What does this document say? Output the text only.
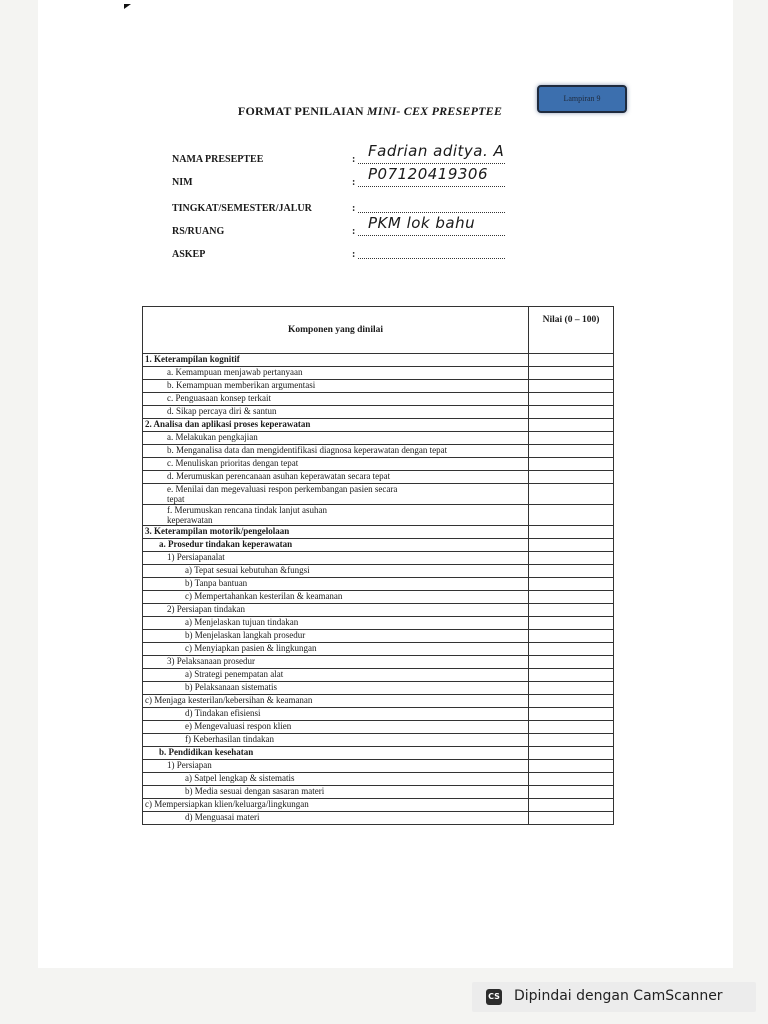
Lampiran 9
FORMAT PENILAIAN MINI- CEX PRESEPTEE
NAMA PRESEPTEE	: Fadrian aditya. A
NIM	: P07120419306
TINGKAT/SEMESTER/JALUR	:
RS/RUANG	: PKM lok bahu
ASKEP	:
Komponen yang dinilai	Nilai (0 – 100)
1. Keterampilan kognitif	
a. Kemampuan menjawab pertanyaan	
b. Kemampuan memberikan argumentasi	
c. Penguasaan konsep terkait	
d. Sikap percaya diri & santun	
2. Analisa dan aplikasi proses keperawatan	
a. Melakukan pengkajian	
b. Menganalisa data dan mengidentifikasi diagnosa keperawatan dengan tepat	
c. Menuliskan prioritas dengan tepat	
d. Merumuskan perencanaan asuhan keperawatan secara tepat	
e. Menilai dan megevaluasi respon perkembangan pasien secara tepat	
f. Merumuskan rencana tindak lanjut asuhan keperawatan	
3. Keterampilan motorik/pengelolaan	
a. Prosedur tindakan keperawatan	
1) Persiapanalat	
a) Tepat sesuai kebutuhan &fungsi	
b) Tanpa bantuan	
c) Mempertahankan kesterilan & keamanan	
2) Persiapan tindakan	
a) Menjelaskan tujuan tindakan	
b) Menjelaskan langkah prosedur	
c) Menyiapkan pasien & lingkungan	
3) Pelaksanaan prosedur	
a) Strategi penempatan alat	
b) Pelaksanaan sistematis	
c) Menjaga kesterilan/kebersihan & keamanan	
d) Tindakan efisiensi	
e) Mengevaluasi respon klien	
f) Keberhasilan tindakan	
b. Pendidikan kesehatan	
1) Persiapan	
a) Satpel lengkap & sistematis	
b) Media sesuai dengan sasaran materi	
c) Mempersiapkan klien/keluarga/lingkungan	
d) Menguasai materi	
CS Dipindai dengan CamScanner
